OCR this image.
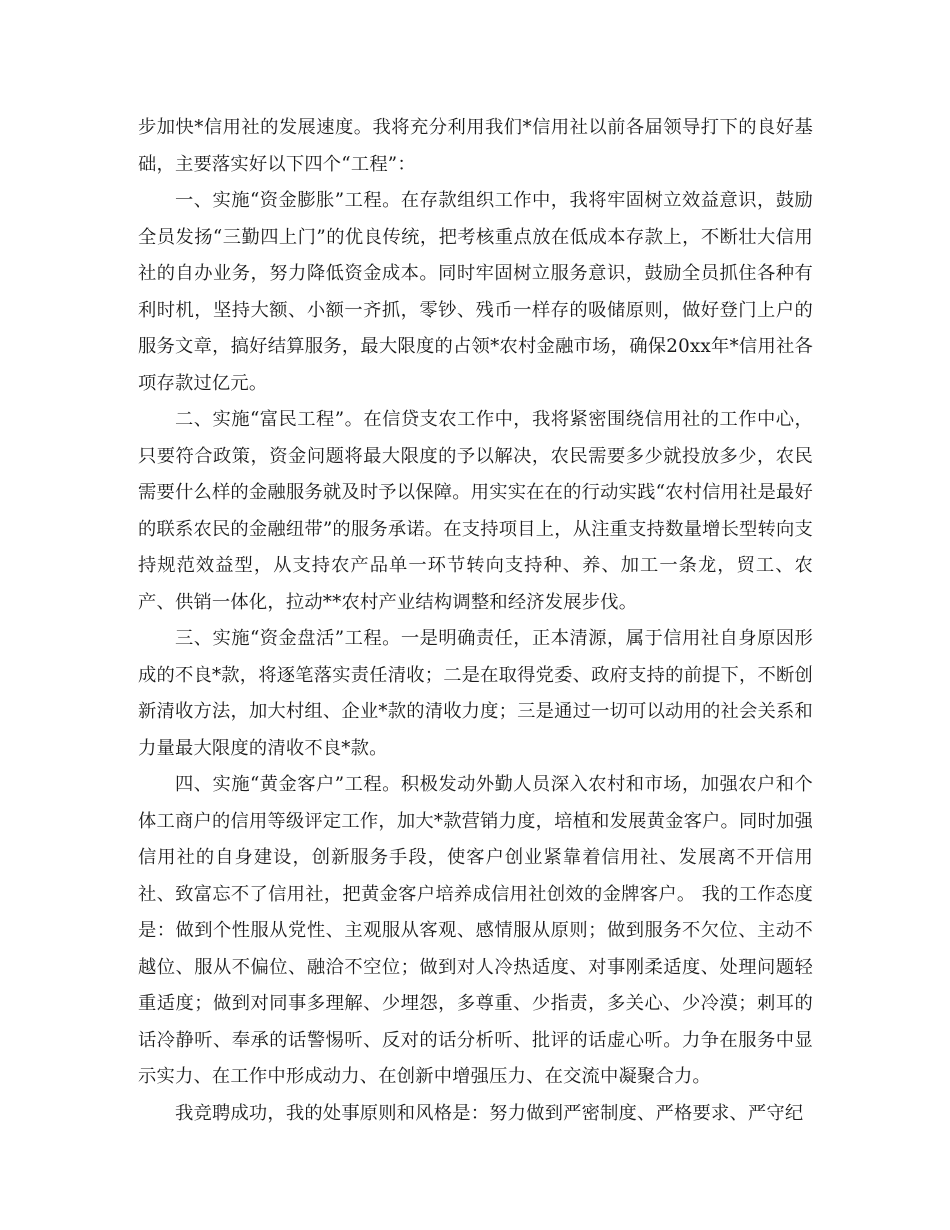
步加快*信用社的发展速度。我将充分利用我们*信用社以前各届领导打下的良好基础，主要落实好以下四个“工程”：

一、实施“资金膨胀”工程。在存款组织工作中，我将牢固树立效益意识，鼓励全员发扬“三勤四上门”的优良传统，把考核重点放在低成本存款上，不断壮大信用社的自办业务，努力降低资金成本。同时牢固树立服务意识，鼓励全员抓住各种有利时机，坚持大额、小额一齐抓，零钞、残币一样存的吸储原则，做好登门上户的服务文章，搞好结算服务，最大限度的占领*农村金融市场，确保20xx年*信用社各项存款过亿元。

二、实施“富民工程”。在信贷支农工作中，我将紧密围绕信用社的工作中心，只要符合政策，资金问题将最大限度的予以解决，农民需要多少就投放多少，农民需要什么样的金融服务就及时予以保障。用实实在在的行动实践“农村信用社是最好的联系农民的金融纽带”的服务承诺。在支持项目上，从注重支持数量增长型转向支持规范效益型，从支持农产品单一环节转向支持种、养、加工一条龙，贸工、农产、供销一体化，拉动**农村产业结构调整和经济发展步伐。

三、实施“资金盘活”工程。一是明确责任，正本清源，属于信用社自身原因形成的不良*款，将逐笔落实责任清收；二是在取得党委、政府支持的前提下，不断创新清收方法，加大村组、企业*款的清收力度；三是通过一切可以动用的社会关系和力量最大限度的清收不良*款。

四、实施“黄金客户”工程。积极发动外勤人员深入农村和市场，加强农户和个体工商户的信用等级评定工作，加大*款营销力度，培植和发展黄金客户。同时加强信用社的自身建设，创新服务手段，使客户创业紧靠着信用社、发展离不开信用社、致富忘不了信用社，把黄金客户培养成信用社创效的金牌客户。 我的工作态度是：做到个性服从党性、主观服从客观、感情服从原则；做到服务不欠位、主动不越位、服从不偏位、融洽不空位；做到对人冷热适度、对事刚柔适度、处理问题轻重适度；做到对同事多理解、少埋怨，多尊重、少指责，多关心、少冷漠；刺耳的话冷静听、奉承的话警惕听、反对的话分析听、批评的话虚心听。力争在服务中显示实力、在工作中形成动力、在创新中增强压力、在交流中凝聚合力。

我竞聘成功，我的处事原则和风格是：努力做到严密制度、严格要求、严守纪
